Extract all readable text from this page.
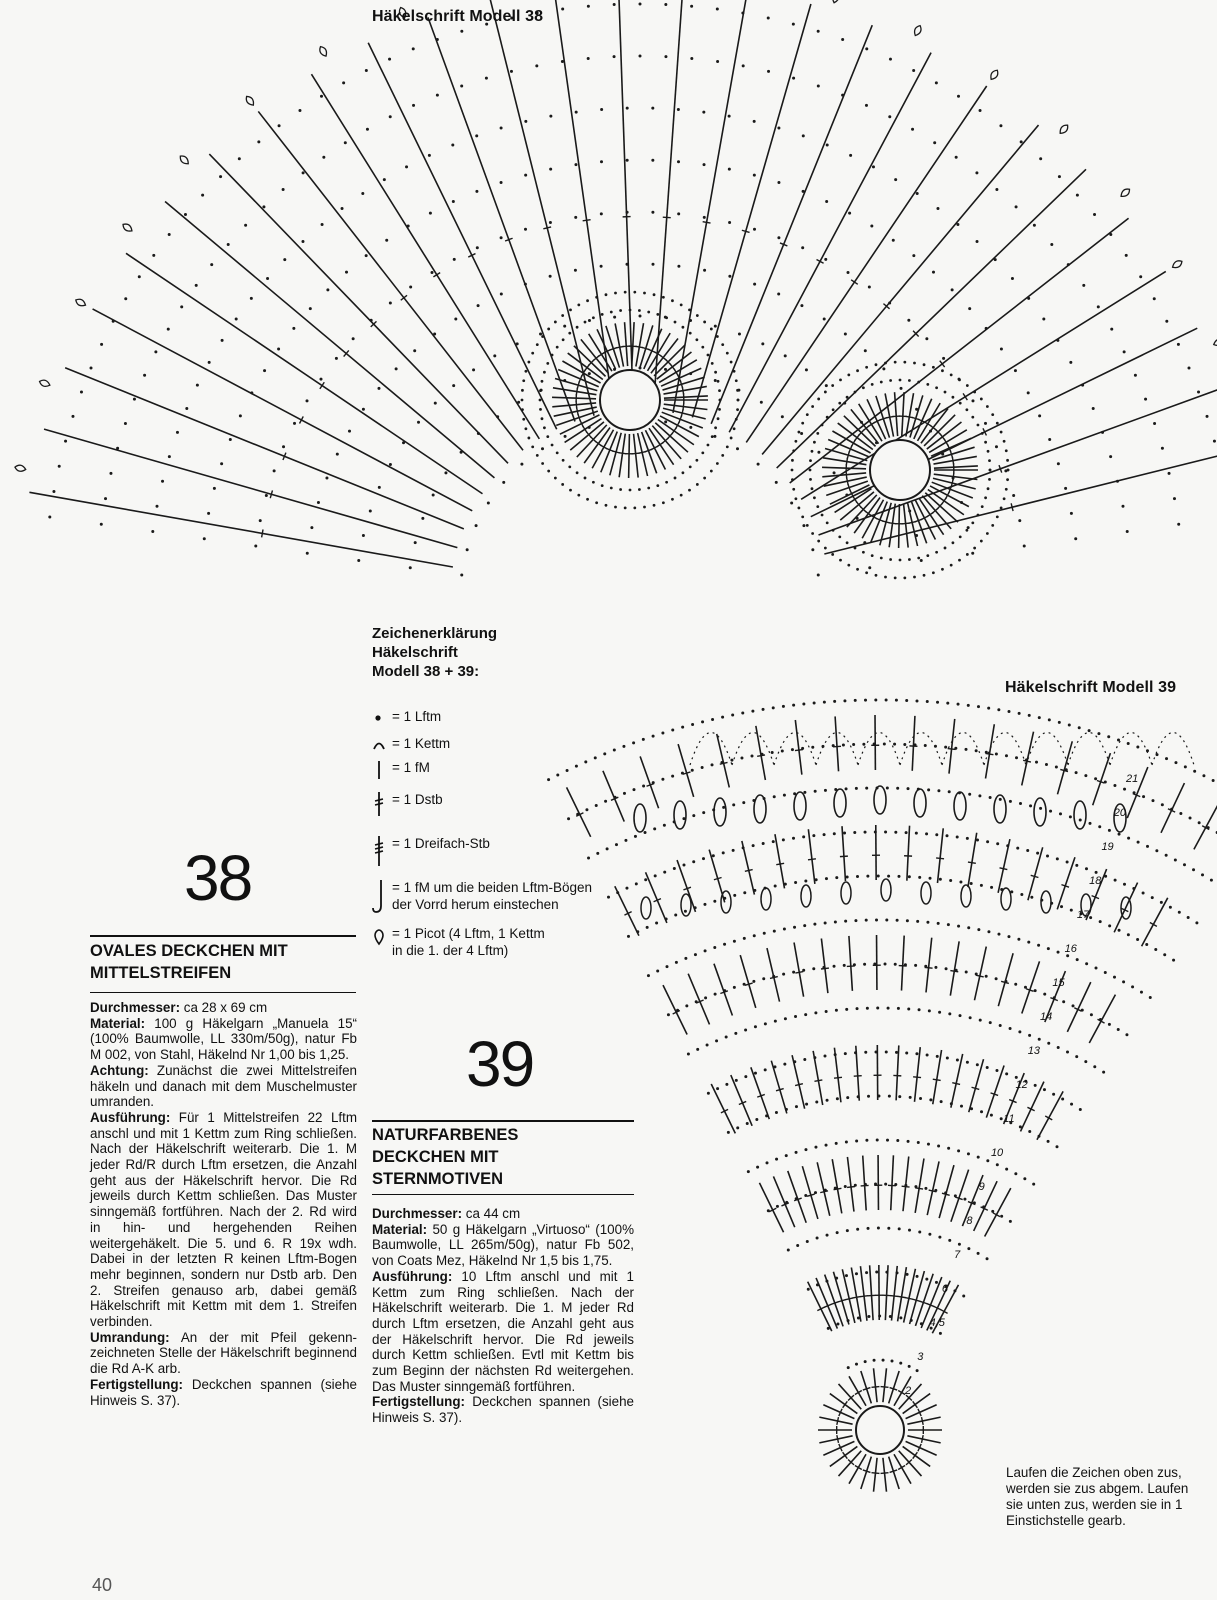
Häkelschrift Modell 38
Häkelschrift Modell 39
Zeichenerklärung
Häkelschrift
Modell 38 + 39:
= 1 Lftm
= 1 Kettm
= 1 fM
= 1 Dstb
= 1 Dreifach-Stb
= 1 fM um die beiden Lftm-Bögen
der Vorrd herum einstechen
= 1 Picot (4 Lftm, 1 Kettm
in die 1. der 4 Lftm)
38
OVALES DECKCHEN MIT
MITTELSTREIFEN

Durchmesser: ca 28 x 69 cm

Material: 100 g Häkelgarn „Manuela 15“ (100% Baumwolle, LL 330m/50g), natur Fb M 002, von Stahl, Häkelnd Nr 1,00 bis 1,25.

Achtung: Zunächst die zwei Mittelstreifen häkeln und danach mit dem Muschelmuster umranden.

Ausführung: Für 1 Mittelstreifen 22 Lftm anschl und mit 1 Kettm zum Ring schließen. Nach der Häkelschrift weiterarb. Die 1. M jeder Rd/R durch Lftm ersetzen, die Anzahl geht aus der Häkelschrift hervor. Die Rd jeweils durch Kettm schließen. Das Muster sinngemäß fortführen. Nach der 2. Rd wird in hin- und hergehenden Reihen weitergehäkelt. Die 5. und 6. R 19x wdh. Dabei in der letzten R keinen Lftm-Bogen mehr beginnen, sondern nur Dstb arb. Den 2. Streifen genauso arb, dabei gemäß Häkelschrift mit Kettm mit dem 1. Streifen verbinden.

Umrandung: An der mit Pfeil gekennzeichneten Stelle der Häkelschrift beginnend die Rd A-K arb.

Fertigstellung: Deckchen spannen (siehe Hinweis S. 37).

39
NATURFARBENES
DECKCHEN MIT
STERNMOTIVEN

Durchmesser: ca 44 cm

Material: 50 g Häkelgarn „Virtuoso“ (100% Baumwolle, LL 265m/50g), natur Fb 502, von Coats Mez, Häkelnd Nr 1,5 bis 1,75.

Ausführung: 10 Lftm anschl und mit 1 Kettm zum Ring schließen. Nach der Häkelschrift weiterarb. Die 1. M jeder Rd durch Lftm ersetzen, die Anzahl geht aus der Häkelschrift hervor. Die Rd jeweils durch Kettm schließen. Evtl mit Kettm bis zum Beginn der nächsten Rd weitergehen. Das Muster sinngemäß fortführen.

Fertigstellung: Deckchen spannen (siehe Hinweis S. 37).

Laufen die Zeichen oben zus,
werden sie zus abgem. Laufen
sie unten zus, werden sie in 1
Einstichstelle gearb.
40
2
3
4,5
6
7
8
9
10
11
12
13
14
15
16
17
18
19
20
21
